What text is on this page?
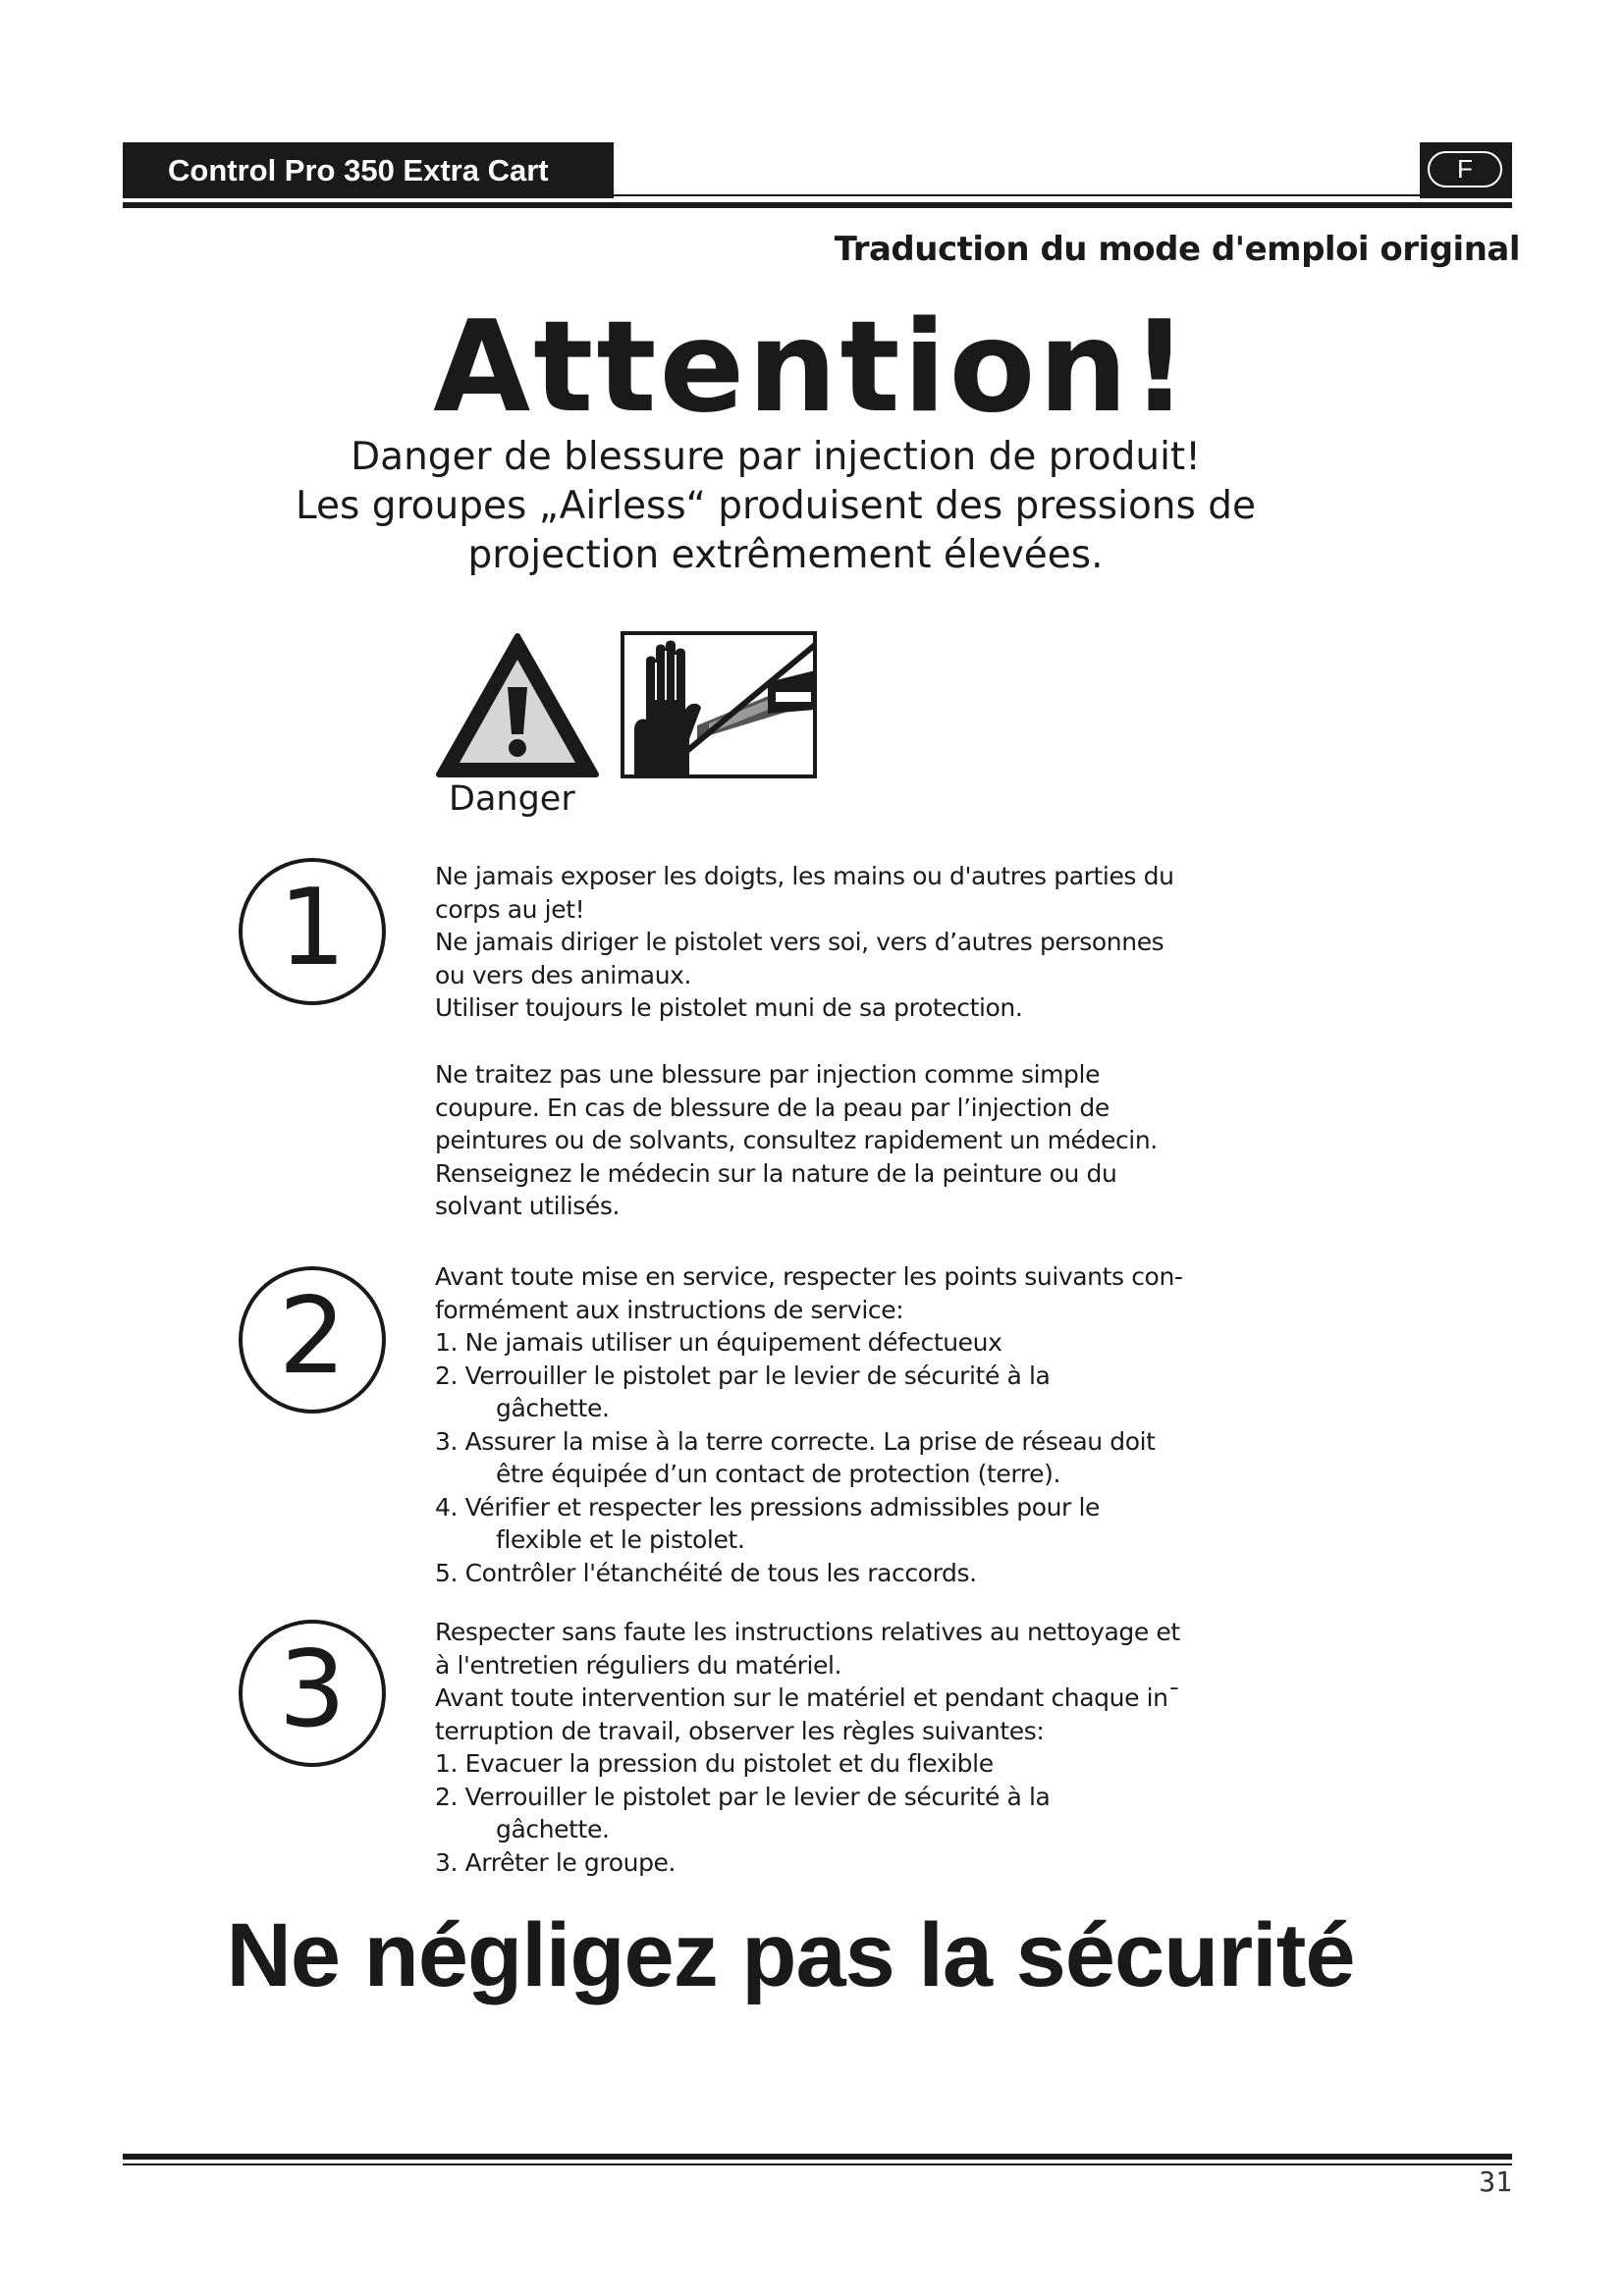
Control Pro 350 Extra Cart	F
Traduction du mode d'emploi original
Attention!
Danger de blessure par injection de produit!
Les groupes „Airless“ produisent des pressions de
projection extrêmement élevées.
Danger
1	Ne jamais exposer les doigts, les mains ou d'autres parties du
corps au jet!
Ne jamais diriger le pistolet vers soi, vers d’autres personnes
ou vers des animaux.
Utiliser toujours le pistolet muni de sa protection.
Ne traitez pas une blessure par injection comme simple
coupure. En cas de blessure de la peau par l’injection de
peintures ou de solvants, consultez rapidement un médecin.
Renseignez le médecin sur la nature de la peinture ou du
solvant utilisés.
2	Avant toute mise en service, respecter les points suivants con-
formément aux instructions de service:
1. Ne jamais utiliser un équipement défectueux
2. Verrouiller le pistolet par le levier de sécurité à la
gâchette.
3. Assurer la mise à la terre correcte. La prise de réseau doit
être équipée d’un contact de protection (terre).
4. Vérifier et respecter les pressions admissibles pour le
flexible et le pistolet.
5. Contrôler l'étanchéité de tous les raccords.
3	Respecter sans faute les instructions relatives au nettoyage et
à l'entretien réguliers du matériel.
Avant toute intervention sur le matériel et pendant chaque in¯
terruption de travail, observer les règles suivantes:
1. Evacuer la pression du pistolet et du flexible
2. Verrouiller le pistolet par le levier de sécurité à la
gâchette.
3. Arrêter le groupe.
Ne négligez pas la sécurité
31
